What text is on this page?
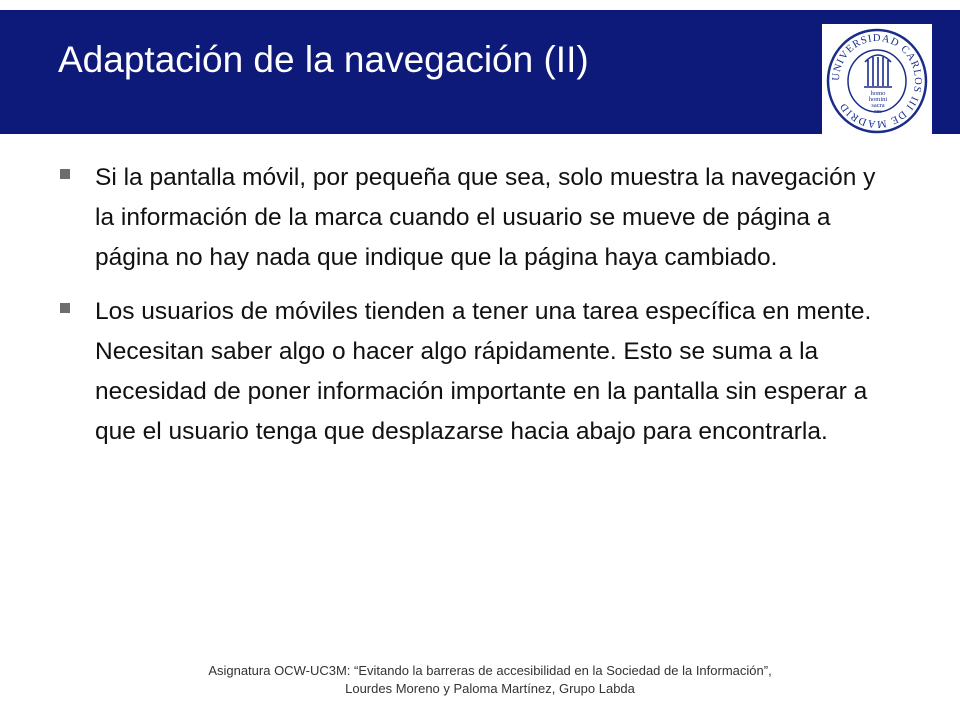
Adaptación de la navegación (II)	UNIVERSIDAD CARLOS III DE MADRID
homo
homini
sacra
res
Si la pantalla móvil, por pequeña que sea, solo muestra la navegación y la información de la marca cuando el usuario se mueve de página a página no hay nada que indique que la página haya cambiado.
Los usuarios de móviles tienden a tener una tarea específica en mente. Necesitan saber algo o hacer algo rápidamente. Esto se suma a la necesidad de poner información importante en la pantalla sin esperar a que el usuario tenga que desplazarse hacia abajo para encontrarla.
Asignatura OCW-UC3M: “Evitando la barreras de accesibilidad en la Sociedad de la Información”,
Lourdes Moreno y Paloma Martínez, Grupo Labda
